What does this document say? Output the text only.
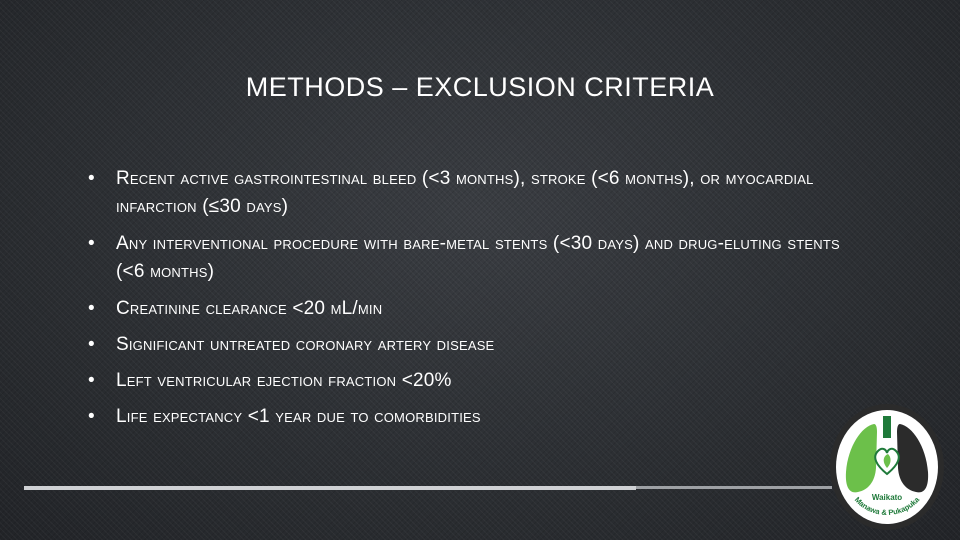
METHODS – EXCLUSION CRITERIA
• Recent active gastrointestinal bleed (<3 months), stroke (<6 months), or myocardial infarction (≤30 days)
• Any interventional procedure with bare-metal stents (<30 days) and drug-eluting stents (<6 months)
• Creatinine clearance <20 mL/min
• Significant untreated coronary artery disease
• Left ventricular ejection fraction <20%
• Life expectancy <1 year due to comorbidities
Waikato
Manawa & Pukapuka
